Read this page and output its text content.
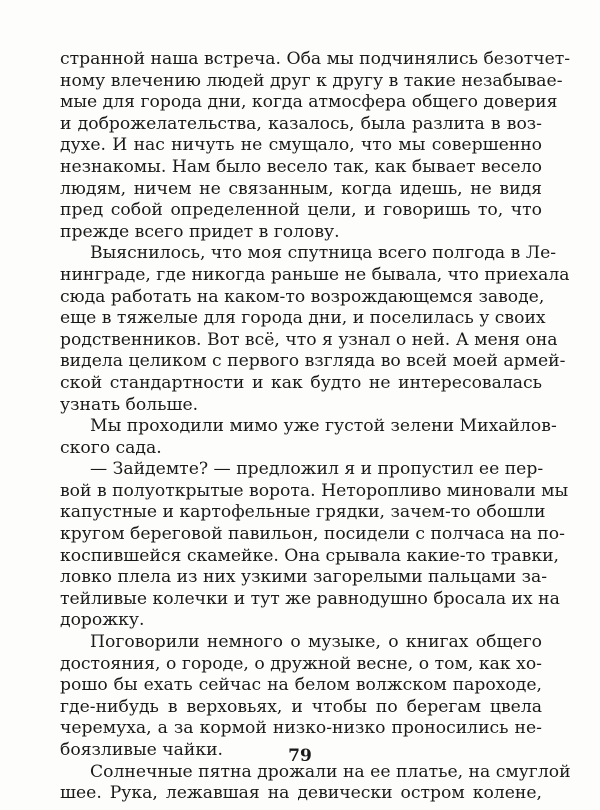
странной наша встреча. Оба мы подчинялись безотчет-
ному влечению людей друг к другу в такие незабывае-
мые для города дни, когда атмосфера общего доверия
и доброжелательства, казалось, была разлита в воз-
духе. И нас ничуть не смущало, что мы совершенно
незнакомы. Нам было весело так, как бывает весело
людям, ничем не связанным, когда идешь, не видя
пред собой определенной цели, и говоришь то, что
прежде всего придет в голову.
Выяснилось, что моя спутница всего полгода в Ле-
нинграде, где никогда раньше не бывала, что приехала
сюда работать на каком-то возрождающемся заводе,
еще в тяжелые для города дни, и поселилась у своих
родственников. Вот всё, что я узнал о ней. А меня она
видела целиком с первого взгляда во всей моей армей-
ской стандартности и как будто не интересовалась
узнать больше.
Мы проходили мимо уже густой зелени Михайлов-
ского сада.
— Зайдемте? — предложил я и пропустил ее пер-
вой в полуоткрытые ворота. Неторопливо миновали мы
капустные и картофельные грядки, зачем-то обошли
кругом береговой павильон, посидели с полчаса на по-
коспившейся скамейке. Она срывала какие-то травки,
ловко плела из них узкими загорелыми пальцами за-
тейливые колечки и тут же равнодушно бросала их на
дорожку.
Поговорили немного о музыке, о книгах общего
достояния, о городе, о дружной весне, о том, как хо-
рошо бы ехать сейчас на белом волжском пароходе,
где-нибудь в верховьях, и чтобы по берегам цвела
черемуха, а за кормой низко-низко проносились не-
боязливые чайки.
Солнечные пятна дрожали на ее платье, на смуглой
шее. Рука, лежавшая на девически остром колене,
79
